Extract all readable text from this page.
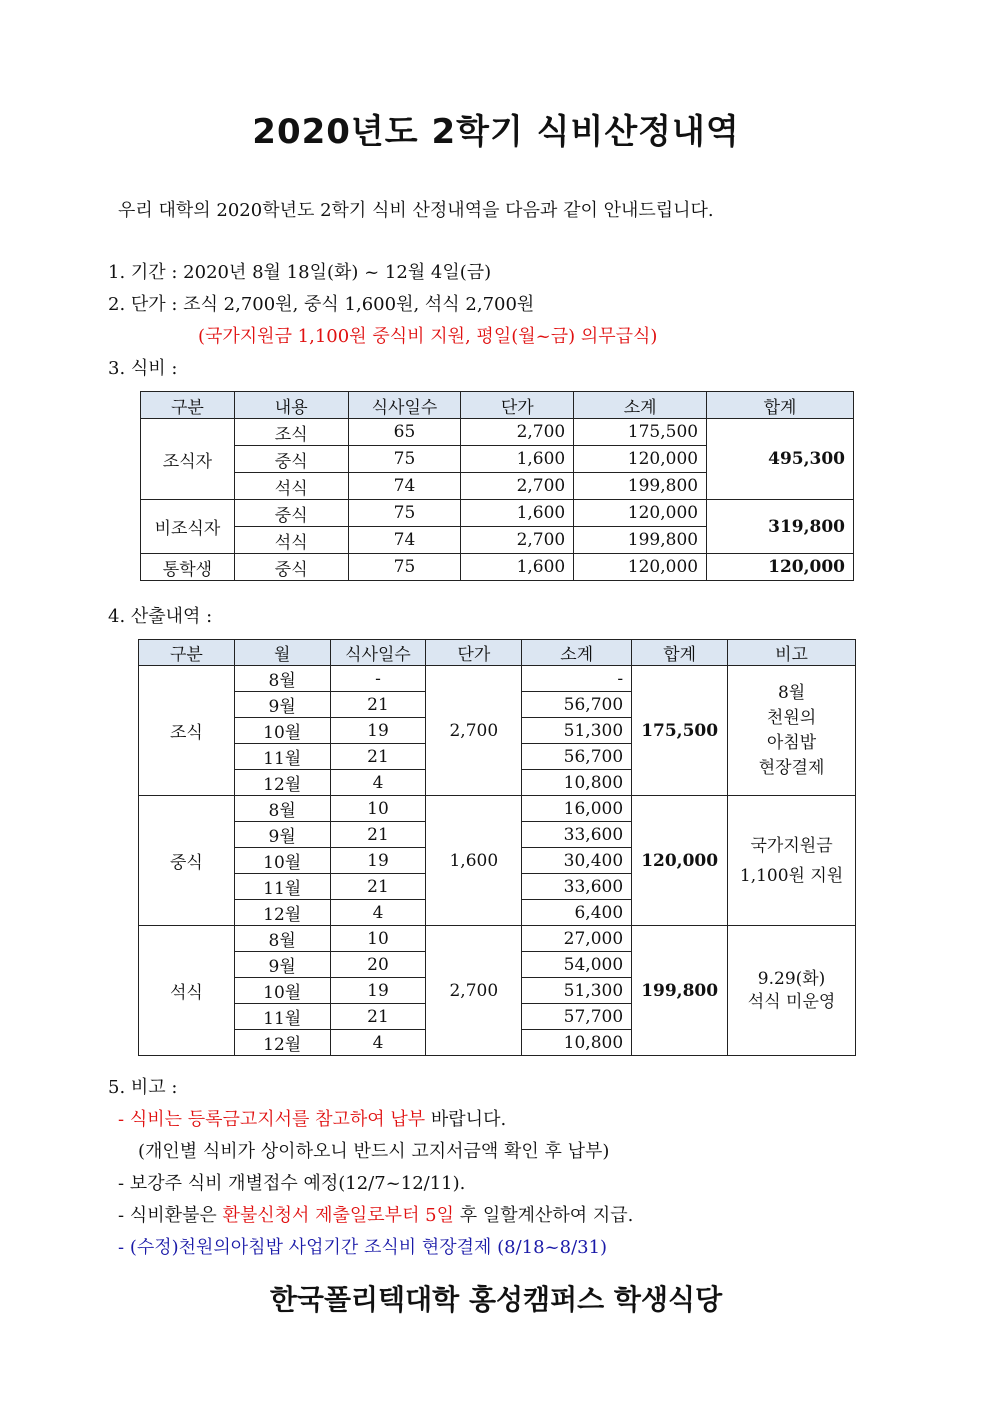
2020년도 2학기 식비산정내역
우리 대학의 2020학년도 2학기 식비 산정내역을 다음과 같이 안내드립니다.
1. 기간 : 2020년 8월 18일(화) ~ 12월 4일(금)
2. 단가 : 조식 2,700원, 중식 1,600원, 석식 2,700원
(국가지원금 1,100원 중식비 지원, 평일(월~금) 의무급식)
3. 식비 :
구분	내용	식사일수	단가	소계	합계
조식자	조식	65	2,700	175,500	495,300
	중식	75	1,600	120,000	
	석식	74	2,700	199,800	
비조식자	중식	75	1,600	120,000	319,800
	석식	74	2,700	199,800	
통학생	중식	75	1,600	120,000	120,000
4. 산출내역 :
구분	월	식사일수	단가	소계	합계	비고
조식	8월	-	2,700	-	175,500	8월
천원의
아침밥
현장결제

	9월	21		56,700		
	10월	19		51,300		
	11월	21		56,700		
	12월	4		10,800		
중식	8월	10	1,600	16,000	120,000	국가지원금
1,100원 지원

	9월	21		33,600		
	10월	19		30,400		
	11월	21		33,600		
	12월	4		6,400		
석식	8월	10	2,700	27,000	199,800	9.29(화)
석식 미운영

	9월	20		54,000		
	10월	19		51,300		
	11월	21		57,700		
	12월	4		10,800		
5. 비고 :
- 식비는 등록금고지서를 참고하여 납부 바랍니다.
(개인별 식비가 상이하오니 반드시 고지서금액 확인 후 납부)
- 보강주 식비 개별접수 예정(12/7~12/11).
- 식비환불은 환불신청서 제출일로부터 5일 후 일할계산하여 지급.
- (수정)천원의아침밥 사업기간 조식비 현장결제 (8/18~8/31)
한국폴리텍대학 홍성캠퍼스 학생식당
